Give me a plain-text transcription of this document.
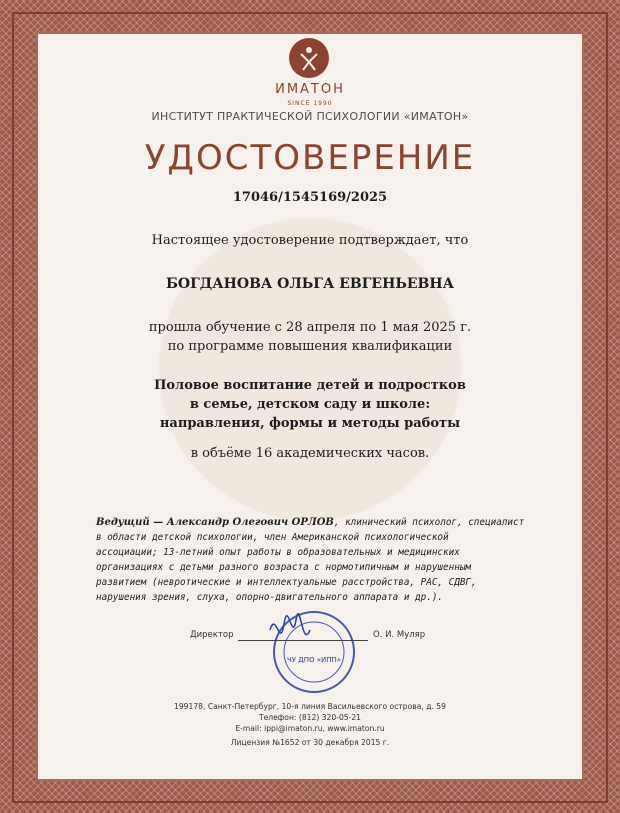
ИМАТОН
SINCE 1990
ИНСТИТУТ ПРАКТИЧЕСКОЙ ПСИХОЛОГИИ «ИМАТОН»
УДОСТОВЕРЕНИЕ
17046/1545169/2025
Настоящее удостоверение подтверждает, что
БОГДАНОВА ОЛЬГА ЕВГЕНЬЕВНА
прошла обучение с 28 апреля по 1 мая 2025 г.
по программе повышения квалификации
Половое воспитание детей и подростков
в семье, детском саду и школе:
направления, формы и методы работы
в объёме 16 академических часов.
Ведущий — Александр Олегович ОРЛОВ, клинический психолог, специалист
в области детской психологии, член Американской психологической
ассоциации; 13-летний опыт работы в образовательных и медицинских
организациях с детьми разного возраста с нормотипичным и нарушенным
развитием (невротические и интеллектуальные расстройства, РАС, СДВГ,
нарушения зрения, слуха, опорно-двигательного аппарата и др.).
Директор	О. И. Муляр
ЧУ ДПО «ИПП»
199178, Санкт-Петербург, 10-я линия Васильевского острова, д. 59
Телефон: (812) 320-05-21
E-mail: ippi@imaton.ru, www.imaton.ru
Лицензия №1652 от 30 декабря 2015 г.
